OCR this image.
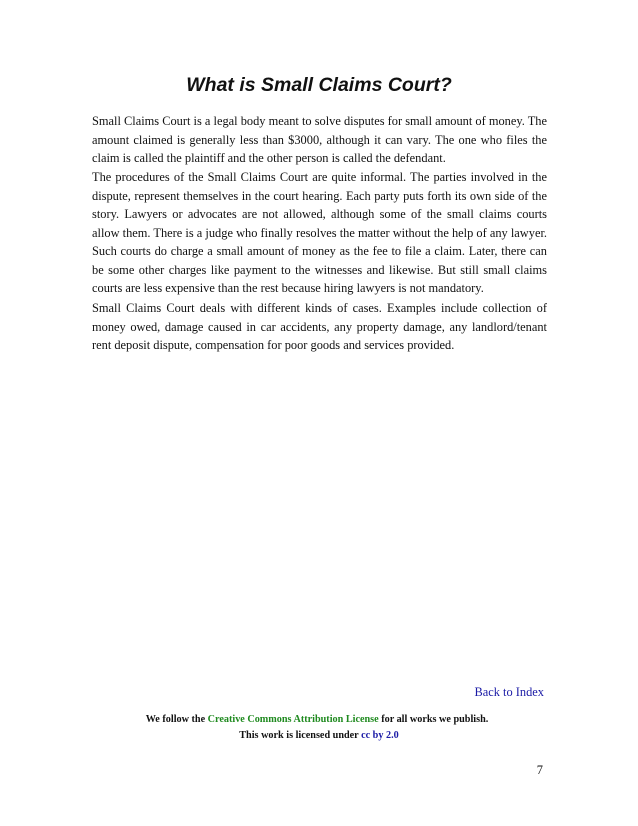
What is Small Claims Court?

Small Claims Court is a legal body meant to solve disputes for small amount of money. The amount claimed is generally less than $3000, although it can vary. The one who files the claim is called the plaintiff and the other person is called the defendant.

The procedures of the Small Claims Court are quite informal. The parties involved in the dispute, represent themselves in the court hearing. Each party puts forth its own side of the story. Lawyers or advocates are not allowed, although some of the small claims courts allow them. There is a judge who finally resolves the matter without the help of any lawyer. Such courts do charge a small amount of money as the fee to file a claim. Later, there can be some other charges like payment to the witnesses and likewise. But still small claims courts are less expensive than the rest because hiring lawyers is not mandatory.

Small Claims Court deals with different kinds of cases. Examples include collection of money owed, damage caused in car accidents, any property damage, any landlord/tenant rent deposit dispute, compensation for poor goods and services provided.

Back to Index
We follow the Creative Commons Attribution License for all works we publish.
This work is licensed under cc by 2.0
7
